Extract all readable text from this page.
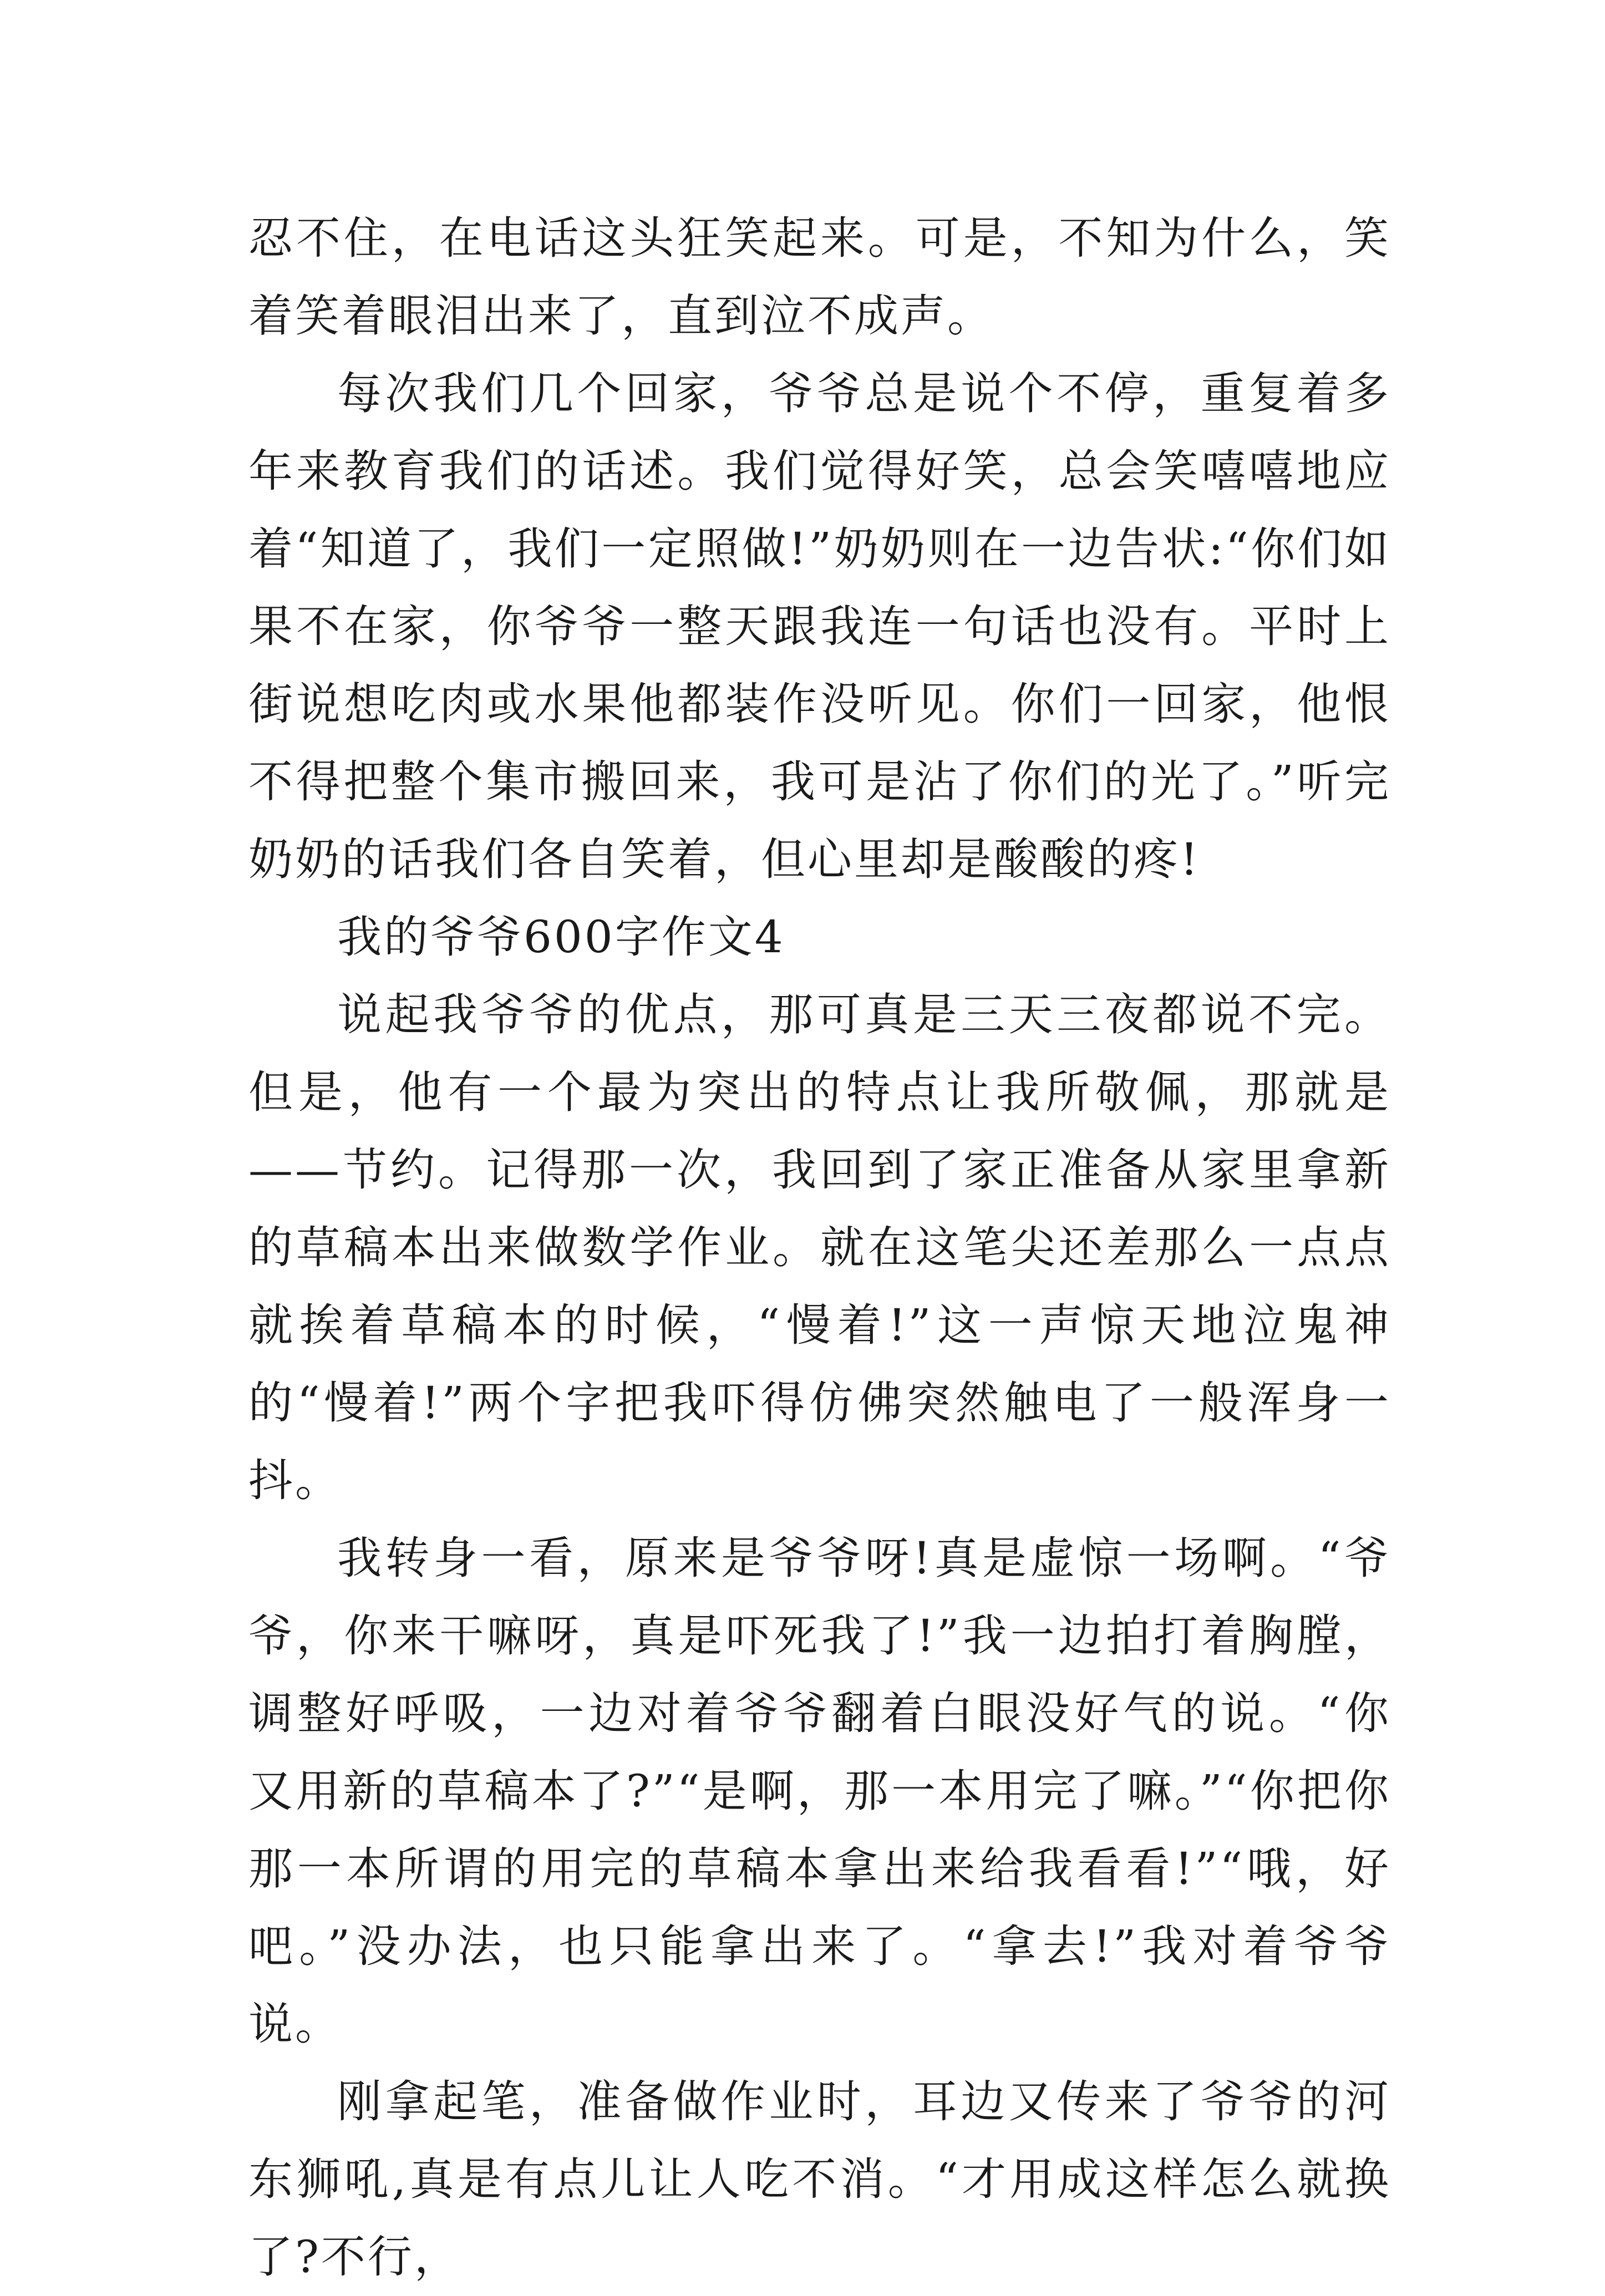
忍不住，在电话这头狂笑起来。可是，不知为什么，笑着笑着眼泪出来了，直到泣不成声。

每次我们几个回家，爷爷总是说个不停，重复着多年来教育我们的话述。我们觉得好笑，总会笑嘻嘻地应着“知道了，我们一定照做!”奶奶则在一边告状:“你们如果不在家，你爷爷一整天跟我连一句话也没有。平时上街说想吃肉或水果他都装作没听见。你们一回家，他恨不得把整个集市搬回来，我可是沾了你们的光了。”听完奶奶的话我们各自笑着，但心里却是酸酸的疼!

我的爷爷600字作文4

说起我爷爷的优点，那可真是三天三夜都说不完。但是，他有一个最为突出的特点让我所敬佩，那就是——节约。记得那一次，我回到了家正准备从家里拿新的草稿本出来做数学作业。就在这笔尖还差那么一点点就挨着草稿本的时候，“慢着!”这一声惊天地泣鬼神的“慢着!”两个字把我吓得仿佛突然触电了一般浑身一抖。

我转身一看，原来是爷爷呀!真是虚惊一场啊。“爷爷，你来干嘛呀，真是吓死我了!”我一边拍打着胸膛，调整好呼吸，一边对着爷爷翻着白眼没好气的说。“你又用新的草稿本了?”“是啊，那一本用完了嘛。”“你把你那一本所谓的用完的草稿本拿出来给我看看!”“哦，好吧。”没办法，也只能拿出来了。“拿去!”我对着爷爷说。

刚拿起笔，准备做作业时，耳边又传来了爷爷的河东狮吼,真是有点儿让人吃不消。“才用成这样怎么就换了?不行，
